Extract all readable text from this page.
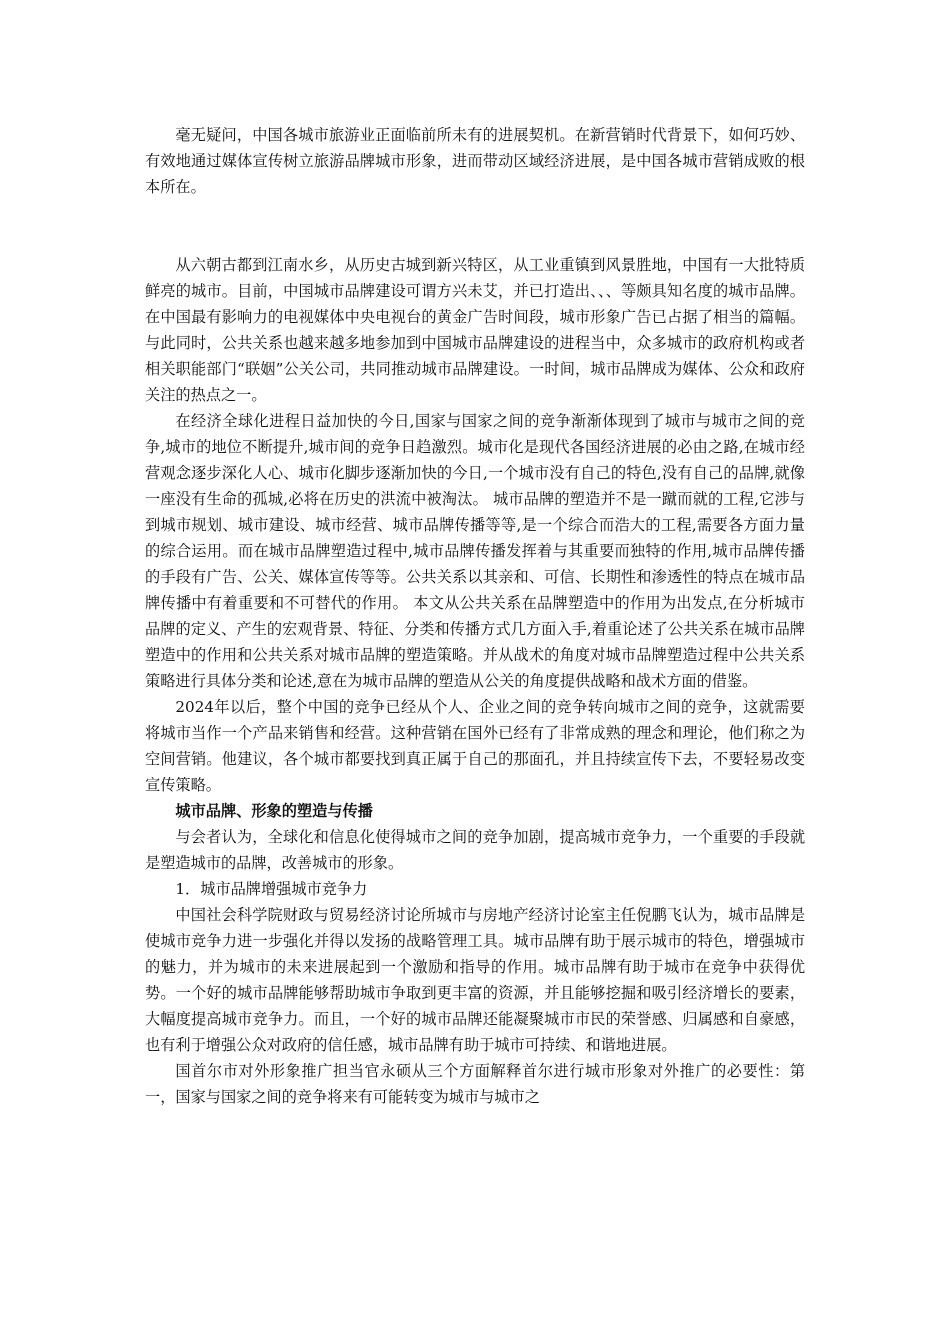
毫无疑问，中国各城市旅游业正面临前所未有的进展契机。在新营销时代背景下，如何巧妙、有效地通过媒体宣传树立旅游品牌城市形象，进而带动区域经济进展，是中国各城市营销成败的根本所在。

从六朝古都到江南水乡，从历史古城到新兴特区，从工业重镇到风景胜地，中国有一大批特质鲜亮的城市。目前，中国城市品牌建设可谓方兴未艾，并已打造出、、、等颇具知名度的城市品牌。在中国最有影响力的电视媒体中央电视台的黄金广告时间段，城市形象广告已占据了相当的篇幅。与此同时，公共关系也越来越多地参加到中国城市品牌建设的进程当中，众多城市的政府机构或者相关职能部门“联姻”公关公司，共同推动城市品牌建设。一时间，城市品牌成为媒体、公众和政府关注的热点之一。

在经济全球化进程日益加快的今日,国家与国家之间的竞争渐渐体现到了城市与城市之间的竞争,城市的地位不断提升,城市间的竞争日趋激烈。城市化是现代各国经济进展的必由之路,在城市经营观念逐步深化人心、城市化脚步逐渐加快的今日,一个城市没有自己的特色,没有自己的品牌,就像一座没有生命的孤城,必将在历史的洪流中被淘汰。 城市品牌的塑造并不是一蹴而就的工程,它涉与到城市规划、城市建设、城市经营、城市品牌传播等等,是一个综合而浩大的工程,需要各方面力量的综合运用。而在城市品牌塑造过程中,城市品牌传播发挥着与其重要而独特的作用,城市品牌传播的手段有广告、公关、媒体宣传等等。公共关系以其亲和、可信、长期性和渗透性的特点在城市品牌传播中有着重要和不可替代的作用。 本文从公共关系在品牌塑造中的作用为出发点,在分析城市品牌的定义、产生的宏观背景、特征、分类和传播方式几方面入手,着重论述了公共关系在城市品牌塑造中的作用和公共关系对城市品牌的塑造策略。并从战术的角度对城市品牌塑造过程中公共关系策略进行具体分类和论述,意在为城市品牌的塑造从公关的角度提供战略和战术方面的借鉴。

2024年以后，整个中国的竞争已经从个人、企业之间的竞争转向城市之间的竞争，这就需要将城市当作一个产品来销售和经营。这种营销在国外已经有了非常成熟的理念和理论，他们称之为空间营销。他建议，各个城市都要找到真正属于自己的那面孔，并且持续宣传下去，不要轻易改变宣传策略。

城市品牌、形象的塑造与传播

与会者认为，全球化和信息化使得城市之间的竞争加剧，提高城市竞争力，一个重要的手段就是塑造城市的品牌，改善城市的形象。

1．城市品牌增强城市竞争力

中国社会科学院财政与贸易经济讨论所城市与房地产经济讨论室主任倪鹏飞认为，城市品牌是使城市竞争力进一步强化并得以发扬的战略管理工具。城市品牌有助于展示城市的特色，增强城市的魅力，并为城市的未来进展起到一个激励和指导的作用。城市品牌有助于城市在竞争中获得优势。一个好的城市品牌能够帮助城市争取到更丰富的资源，并且能够挖掘和吸引经济增长的要素，大幅度提高城市竞争力。而且，一个好的城市品牌还能凝聚城市市民的荣誉感、归属感和自豪感，也有利于增强公众对政府的信任感，城市品牌有助于城市可持续、和谐地进展。

国首尔市对外形象推广担当官永硕从三个方面解释首尔进行城市形象对外推广的必要性：第一，国家与国家之间的竞争将来有可能转变为城市与城市之
